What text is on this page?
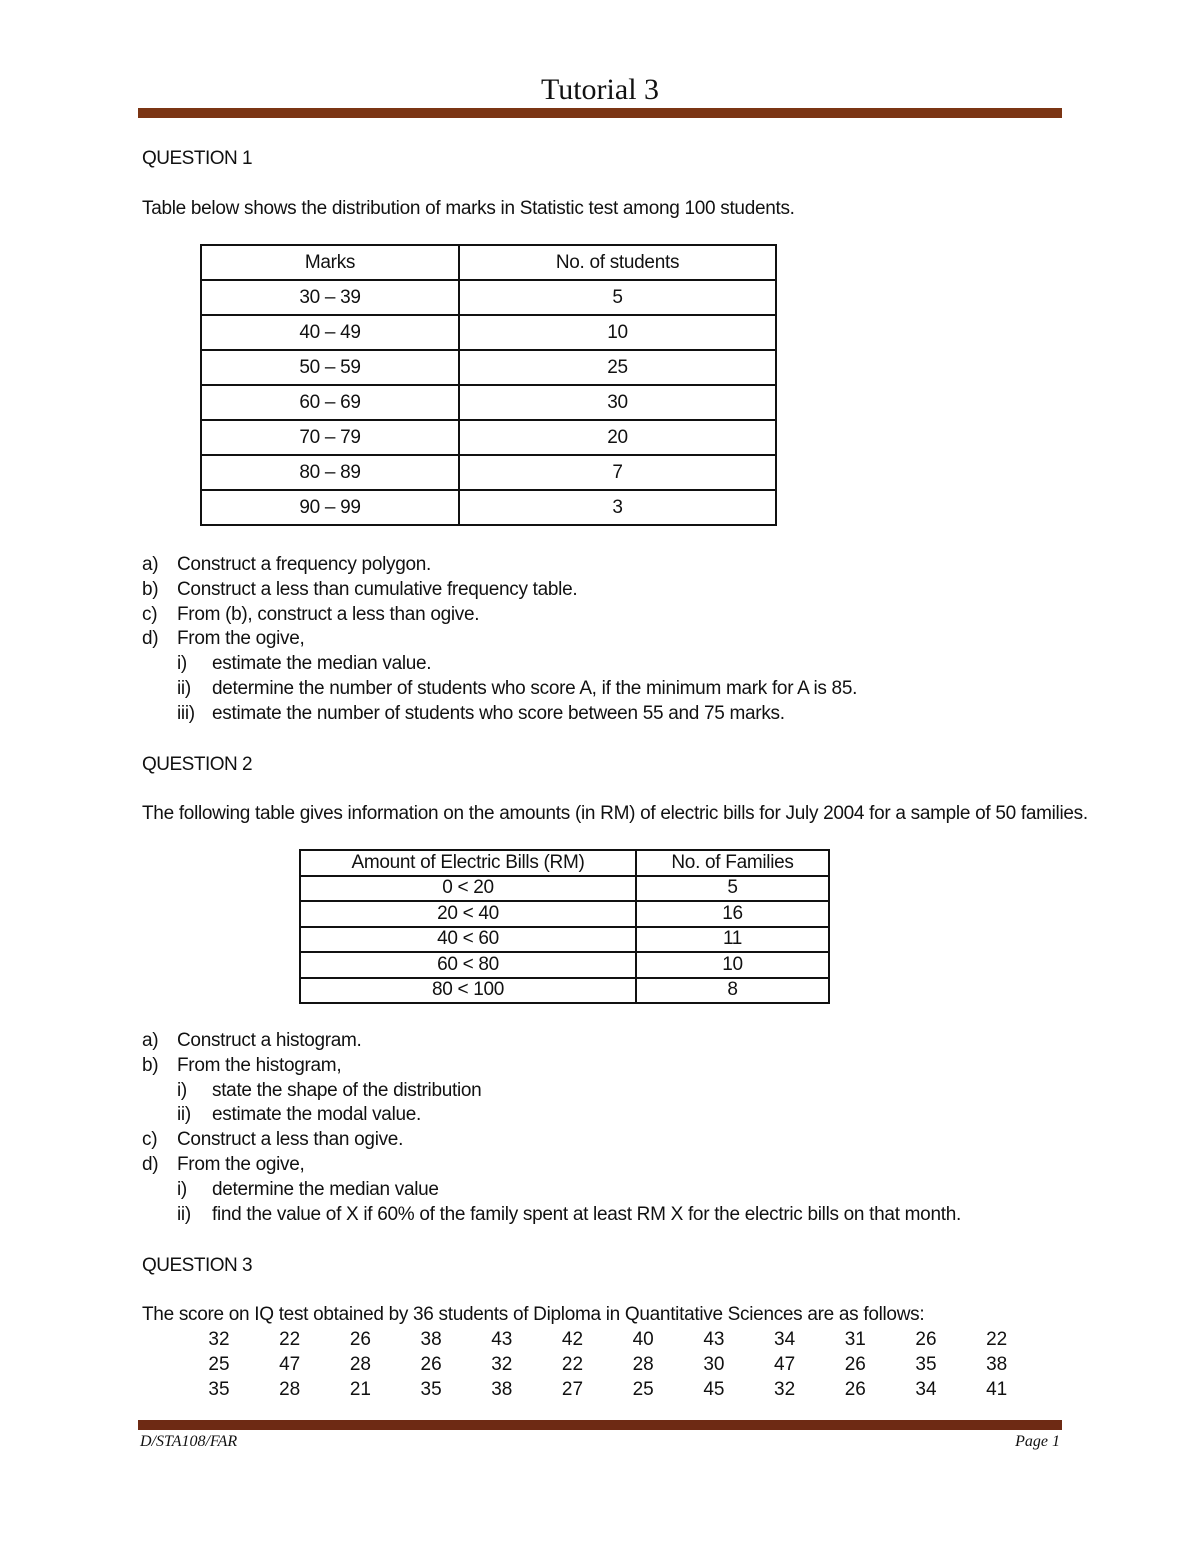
Tutorial 3
QUESTION 1
Table below shows the distribution of marks in Statistic test among 100 students.
Marks	No. of students
30 – 39	5
40 – 49	10
50 – 59	25
60 – 69	30
70 – 79	20
80 – 89	7
90 – 99	3
a) Construct a frequency polygon.
b) Construct a less than cumulative frequency table.
c) From (b), construct a less than ogive.
d) From the ogive,
i) estimate the median value.
ii) determine the number of students who score A, if the minimum mark for A is 85.
iii) estimate the number of students who score between 55 and 75 marks.
QUESTION 2
The following table gives information on the amounts (in RM) of electric bills for July 2004 for a sample of 50 families.
Amount of Electric Bills (RM)	No. of Families
0 < 20	5
20 < 40	16
40 < 60	11
60 < 80	10
80 < 100	8
a) Construct a histogram.
b) From the histogram,
i) state the shape of the distribution
ii) estimate the modal value.
c) Construct a less than ogive.
d) From the ogive,
i) determine the median value
ii) find the value of X if 60% of the family spent at least RM X for the electric bills on that month.
QUESTION 3
The score on IQ test obtained by 36 students of Diploma in Quantitative Sciences are as follows:
32	22	26	38	43	42	40	43	34	31	26	22
25	47	28	26	32	22	28	30	47	26	35	38
35	28	21	35	38	27	25	45	32	26	34	41
D/STA108/FAR	Page 1
